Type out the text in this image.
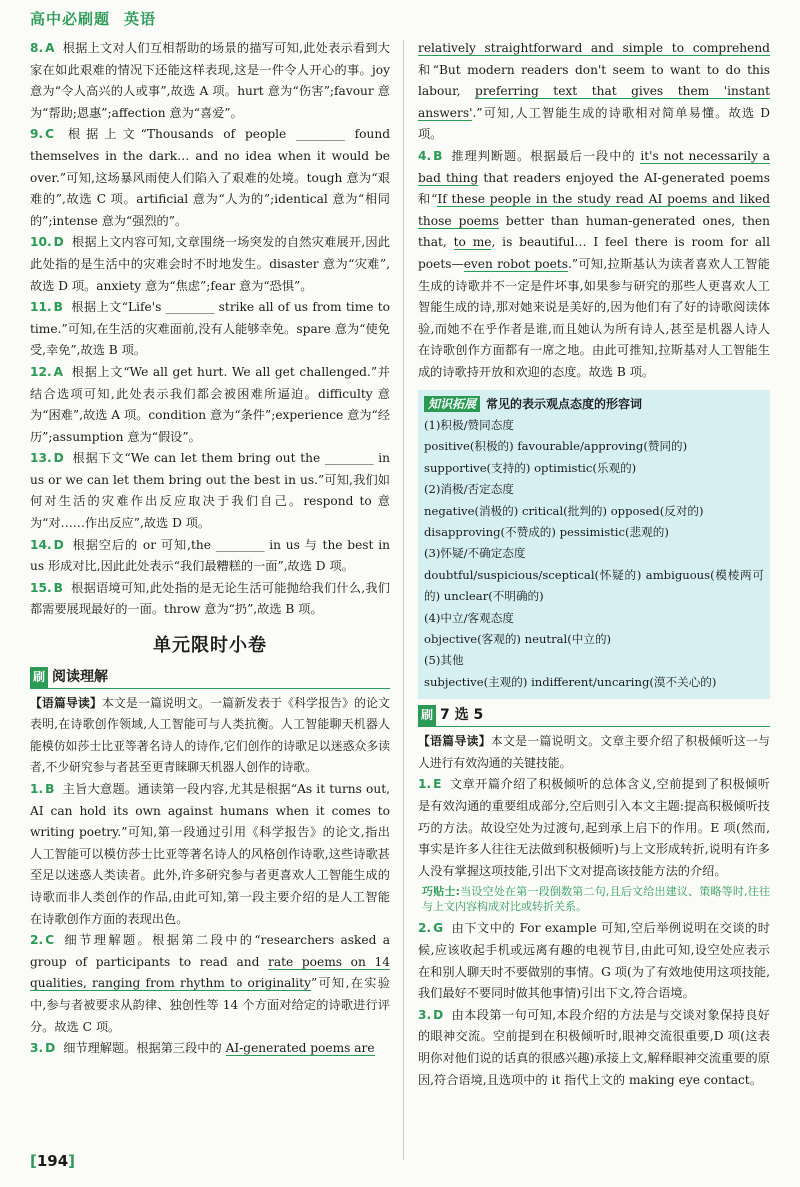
高中必刷题 英语
8. A 根据上文对人们互相帮助的场景的描写可知,此处表示看到大家在如此艰难的情况下还能这样表现,这是一件令人开心的事。joy 意为“令人高兴的人或事”,故选 A 项。hurt 意为“伤害”;favour 意为“帮助;恩惠”;affection 意为“喜爱”。
9. C 根据上文“Thousands of people ________ found themselves in the dark… and no idea when it would be over.”可知,这场暴风雨使人们陷入了艰难的处境。tough 意为“艰难的”,故选 C 项。artificial 意为“人为的”;identical 意为“相同的”;intense 意为“强烈的”。
10. D 根据上文内容可知,文章围绕一场突发的自然灾难展开,因此此处指的是生活中的灾难会时不时地发生。disaster 意为“灾难”,故选 D 项。anxiety 意为“焦虑”;fear 意为“恐惧”。
11. B 根据上文“Life's ________ strike all of us from time to time.”可知,在生活的灾难面前,没有人能够幸免。spare 意为“使免受,幸免”,故选 B 项。
12. A 根据上文“We all get hurt. We all get challenged.”并结合选项可知,此处表示我们都会被困难所逼迫。difficulty 意为“困难”,故选 A 项。condition 意为“条件”;experience 意为“经历”;assumption 意为“假设”。
13. D 根据下文“We can let them bring out the ________ in us or we can let them bring out the best in us.”可知,我们如何对生活的灾难作出反应取决于我们自己。respond to 意为“对……作出反应”,故选 D 项。
14. D 根据空后的 or 可知,the ________ in us 与 the best in us 形成对比,因此此处表示“我们最糟糕的一面”,故选 D 项。
15. B 根据语境可知,此处指的是无论生活可能抛给我们什么,我们都需要展现最好的一面。throw 意为“扔”,故选 B 项。
单元限时小卷
刷 阅读理解
【语篇导读】本文是一篇说明文。一篇新发表于《科学报告》的论文表明,在诗歌创作领域,人工智能可与人类抗衡。人工智能聊天机器人能模仿如莎士比亚等著名诗人的诗作,它们创作的诗歌足以迷惑众多读者,不少研究参与者甚至更青睐聊天机器人创作的诗歌。
1. B 主旨大意题。通读第一段内容,尤其是根据“As it turns out, AI can hold its own against humans when it comes to writing poetry.”可知,第一段通过引用《科学报告》的论文,指出人工智能可以模仿莎士比亚等著名诗人的风格创作诗歌,这些诗歌甚至足以迷惑人类读者。此外,许多研究参与者更喜欢人工智能生成的诗歌而非人类创作的作品,由此可知,第一段主要介绍的是人工智能在诗歌创作方面的表现出色。
2. C 细节理解题。根据第二段中的“researchers asked a group of participants to read and rate poems on 14 qualities, ranging from rhythm to originality”可知,在实验中,参与者被要求从韵律、独创性等 14 个方面对给定的诗歌进行评分。故选 C 项。
3. D 细节理解题。根据第三段中的 AI-generated poems are
relatively straightforward and simple to comprehend 和“But modern readers don't seem to want to do this labour, preferring text that gives them 'instant answers'.”可知,人工智能生成的诗歌相对简单易懂。故选 D 项。
4. B 推理判断题。根据最后一段中的 it's not necessarily a bad thing that readers enjoyed the AI-generated poems 和“If these people in the study read AI poems and liked those poems better than human-generated ones, then that, to me, is beautiful… I feel there is room for all poets—even robot poets.”可知,拉斯基认为读者喜欢人工智能生成的诗歌并不一定是件坏事,如果参与研究的那些人更喜欢人工智能生成的诗,那对她来说是美好的,因为他们有了好的诗歌阅读体验,而她不在乎作者是谁,而且她认为所有诗人,甚至是机器人诗人在诗歌创作方面都有一席之地。由此可推知,拉斯基对人工智能生成的诗歌持开放和欢迎的态度。故选 B 项。
知识拓展 常见的表示观点态度的形容词
(1)积极/赞同态度
positive(积极的) favourable/approving(赞同的)
supportive(支持的) optimistic(乐观的)
(2)消极/否定态度
negative(消极的) critical(批判的) opposed(反对的)
disapproving(不赞成的) pessimistic(悲观的)
(3)怀疑/不确定态度
doubtful/suspicious/sceptical(怀疑的) ambiguous(模棱两可的) unclear(不明确的)
(4)中立/客观态度
objective(客观的) neutral(中立的)
(5)其他
subjective(主观的) indifferent/uncaring(漠不关心的)
刷 7 选 5
【语篇导读】本文是一篇说明文。文章主要介绍了积极倾听这一与人进行有效沟通的关键技能。
1. E 文章开篇介绍了积极倾听的总体含义,空前提到了积极倾听是有效沟通的重要组成部分,空后则引入本文主题:提高积极倾听技巧的方法。故设空处为过渡句,起到承上启下的作用。E 项(然而,事实是许多人往往无法做到积极倾听)与上文形成转折,说明有许多人没有掌握这项技能,引出下文对提高该技能方法的介绍。
巧贴士:当设空处在第一段倒数第二句,且后文给出建议、策略等时,往往与上文内容构成对比或转折关系。
2. G 由下文中的 For example 可知,空后举例说明在交谈的时候,应该收起手机或远离有趣的电视节目,由此可知,设空处应表示在和别人聊天时不要做别的事情。G 项(为了有效地使用这项技能,我们最好不要同时做其他事情)引出下文,符合语境。
3. D 由本段第一句可知,本段介绍的方法是与交谈对象保持良好的眼神交流。空前提到在积极倾听时,眼神交流很重要,D 项(这表明你对他们说的话真的很感兴趣)承接上文,解释眼神交流重要的原因,符合语境,且选项中的 it 指代上文的 making eye contact。
[194]
